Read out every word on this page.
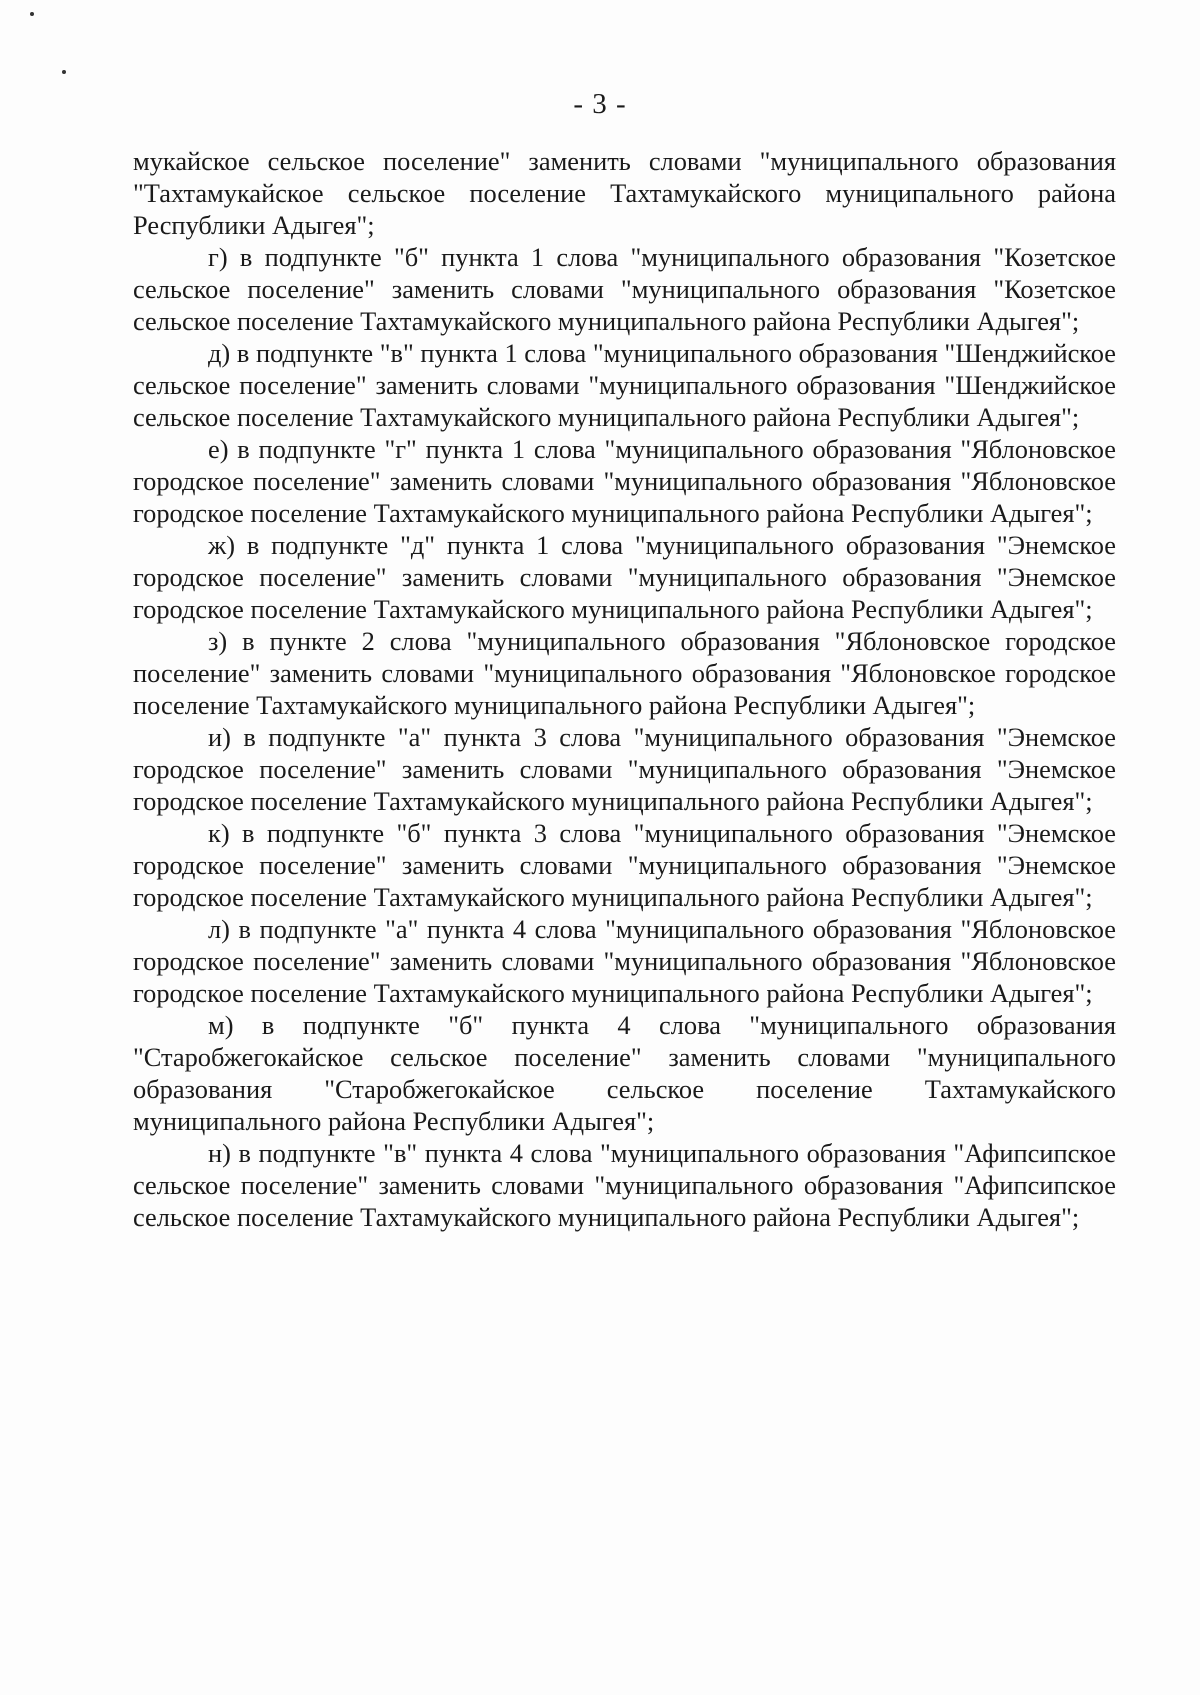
- 3 -

мукайское сельское поселение" заменить словами "муниципального образования "Тахтамукайское сельское поселение Тахтамукайского муниципального района Республики Адыгея";

г) в подпункте "б" пункта 1 слова "муниципального образования "Козетское сельское поселение" заменить словами "муниципального образования "Козетское сельское поселение Тахтамукайского муниципального района Республики Адыгея";

д) в подпункте "в" пункта 1 слова "муниципального образования "Шенджийское сельское поселение" заменить словами "муниципального образования "Шенджийское сельское поселение Тахтамукайского муниципального района Республики Адыгея";

е) в подпункте "г" пункта 1 слова "муниципального образования "Яблоновское городское поселение" заменить словами "муниципального образования "Яблоновское городское поселение Тахтамукайского муниципального района Республики Адыгея";

ж) в подпункте "д" пункта 1 слова "муниципального образования "Энемское городское поселение" заменить словами "муниципального образования "Энемское городское поселение Тахтамукайского муниципального района Республики Адыгея";

з) в пункте 2 слова "муниципального образования "Яблоновское городское поселение" заменить словами "муниципального образования "Яблоновское городское поселение Тахтамукайского муниципального района Республики Адыгея";

и) в подпункте "а" пункта 3 слова "муниципального образования "Энемское городское поселение" заменить словами "муниципального образования "Энемское городское поселение Тахтамукайского муниципального района Республики Адыгея";

к) в подпункте "б" пункта 3 слова "муниципального образования "Энемское городское поселение" заменить словами "муниципального образования "Энемское городское поселение Тахтамукайского муниципального района Республики Адыгея";

л) в подпункте "а" пункта 4 слова "муниципального образования "Яблоновское городское поселение" заменить словами "муниципального образования "Яблоновское городское поселение Тахтамукайского муниципального района Республики Адыгея";

м) в подпункте "б" пункта 4 слова "муниципального образования "Старобжегокайское сельское поселение" заменить словами "муниципального образования "Старобжегокайское сельское поселение Тахтамукайского муниципального района Республики Адыгея";

н) в подпункте "в" пункта 4 слова "муниципального образования "Афипсипское сельское поселение" заменить словами "муниципального образования "Афипсипское сельское поселение Тахтамукайского муниципального района Республики Адыгея";
